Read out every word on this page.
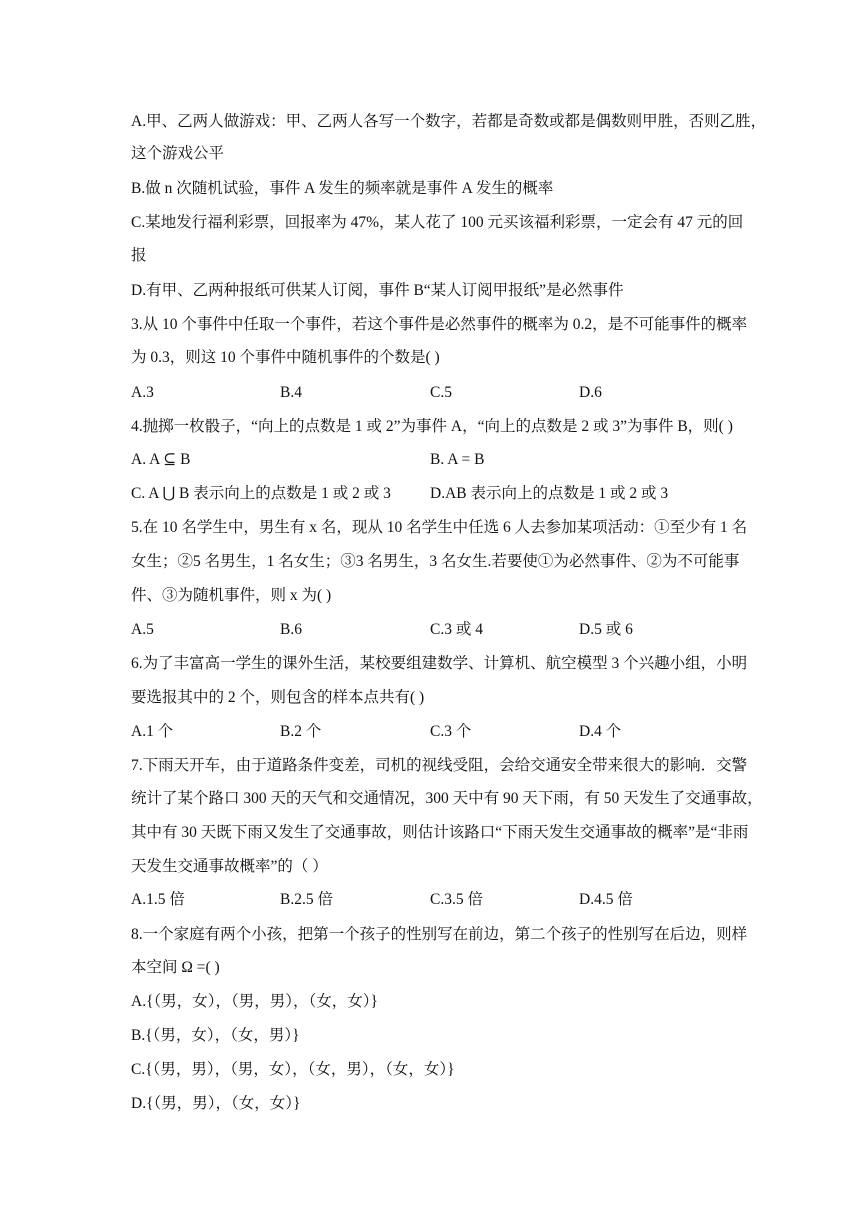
A.甲、乙两人做游戏：甲、乙两人各写一个数字，若都是奇数或都是偶数则甲胜，否则乙胜，
这个游戏公平
B.做 n 次随机试验，事件 A 发生的频率就是事件 A 发生的概率
C.某地发行福利彩票，回报率为 47%，某人花了 100 元买该福利彩票，一定会有 47 元的回
报
D.有甲、乙两种报纸可供某人订阅，事件 B“某人订阅甲报纸”是必然事件
3.从 10 个事件中任取一个事件，若这个事件是必然事件的概率为 0.2，是不可能事件的概率
为 0.3，则这 10 个事件中随机事件的个数是( )
A.3	B.4	C.5	D.6
4.抛掷一枚骰子，“向上的点数是 1 或 2”为事件 A，“向上的点数是 2 或 3”为事件 B，则( )
A. A ⊆ B	B. A = B
C. A ⋃ B 表示向上的点数是 1 或 2 或 3	D.AB 表示向上的点数是 1 或 2 或 3
5.在 10 名学生中，男生有 x 名，现从 10 名学生中任选 6 人去参加某项活动：①至少有 1 名
女生；②5 名男生，1 名女生；③3 名男生，3 名女生.若要使①为必然事件、②为不可能事
件、③为随机事件，则 x 为( )
A.5	B.6	C.3 或 4	D.5 或 6
6.为了丰富高一学生的课外生活，某校要组建数学、计算机、航空模型 3 个兴趣小组，小明
要选报其中的 2 个，则包含的样本点共有( )
A.1 个	B.2 个	C.3 个	D.4 个
7.下雨天开车，由于道路条件变差，司机的视线受阻，会给交通安全带来很大的影响．交警
统计了某个路口 300 天的天气和交通情况，300 天中有 90 天下雨，有 50 天发生了交通事故，
其中有 30 天既下雨又发生了交通事故，则估计该路口“下雨天发生交通事故的概率”是“非雨
天发生交通事故概率”的（ ）
A.1.5 倍	B.2.5 倍	C.3.5 倍	D.4.5 倍
8.一个家庭有两个小孩，把第一个孩子的性别写在前边，第二个孩子的性别写在后边，则样
本空间 Ω =( )
A.{（男，女），（男，男），（女，女）}
B.{（男，女），（女，男）}
C.{（男，男），（男，女），（女，男），（女，女）}
D.{（男，男），（女，女）}
